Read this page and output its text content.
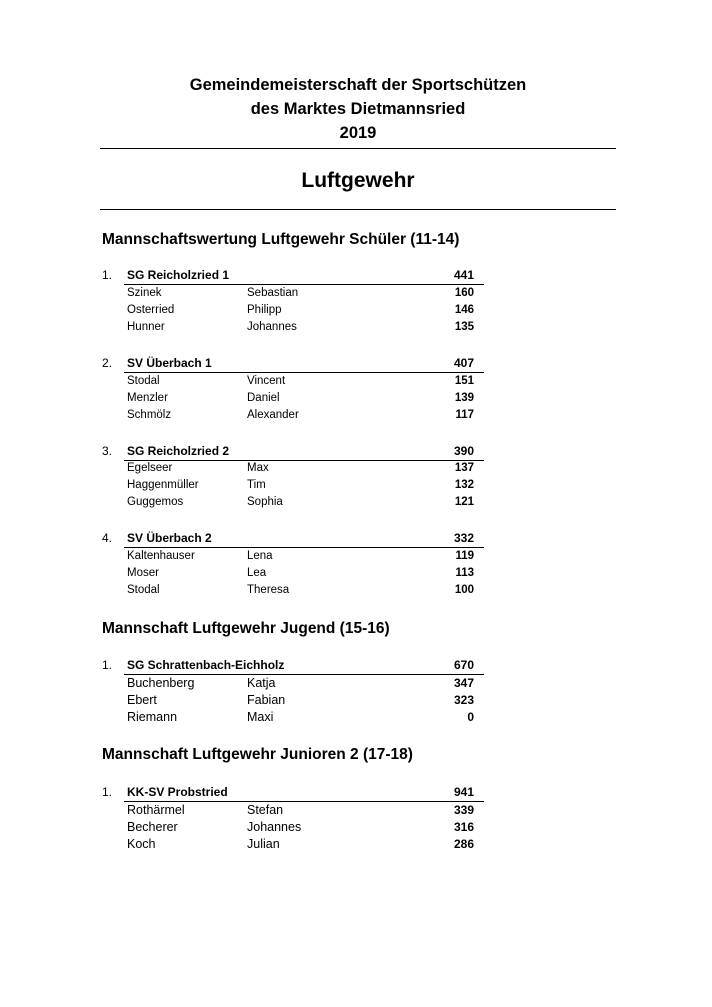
Gemeindemeisterschaft der Sportschützen
des Marktes Dietmannsried
2019
Luftgewehr
Mannschaftswertung Luftgewehr Schüler (11-14)
1. SG Reicholzried 1	441
Szinek	Sebastian	160
Osterried	Philipp	146
Hunner	Johannes	135
2. SV Überbach 1	407
Stodal	Vincent	151
Menzler	Daniel	139
Schmölz	Alexander	117
3. SG Reicholzried 2	390
Egelseer	Max	137
Haggenmüller	Tim	132
Guggemos	Sophia	121
4. SV Überbach 2	332
Kaltenhauser	Lena	119
Moser	Lea	113
Stodal	Theresa	100
Mannschaft Luftgewehr Jugend (15-16)
1. SG Schrattenbach-Eichholz	670
Buchenberg	Katja	347
Ebert	Fabian	323
Riemann	Maxi	0
Mannschaft Luftgewehr Junioren 2 (17-18)
1. KK-SV Probstried	941
Rothärmel	Stefan	339
Becherer	Johannes	316
Koch	Julian	286
